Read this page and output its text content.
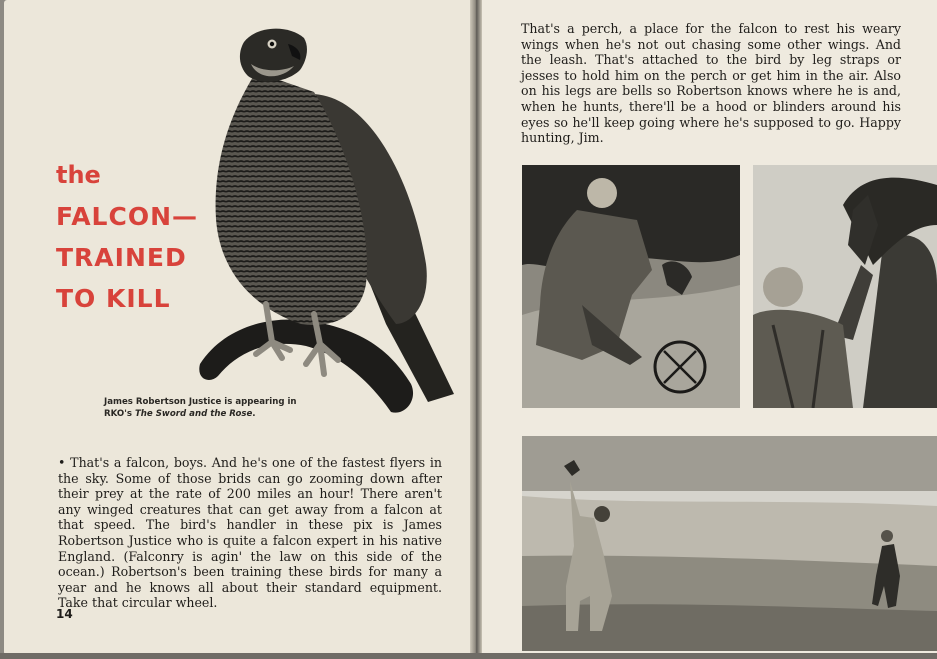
the
FALCON—
TRAINED
TO KILL
James Robertson Justice is appearing in RKO's The Sword and the Rose.
• That's a falcon, boys. And he's one of the fastest flyers in the sky. Some of those brids can go zooming down after their prey at the rate of 200 miles an hour! There aren't any winged creatures that can get away from a falcon at that speed. The bird's handler in these pix is James Robertson Justice who is quite a falcon expert in his native England. (Falconry is agin' the law on this side of the ocean.) Robertson's been training these birds for many a year and he knows all about their standard equipment. Take that circular wheel.
14
That's a perch, a place for the falcon to rest his weary wings when he's not out chasing some other wings. And the leash. That's attached to the bird by leg straps or jesses to hold him on the perch or get him in the air. Also on his legs are bells so Robertson knows where he is and, when he hunts, there'll be a hood or blinders around his eyes so he'll keep going where he's supposed to go. Happy hunting, Jim.
